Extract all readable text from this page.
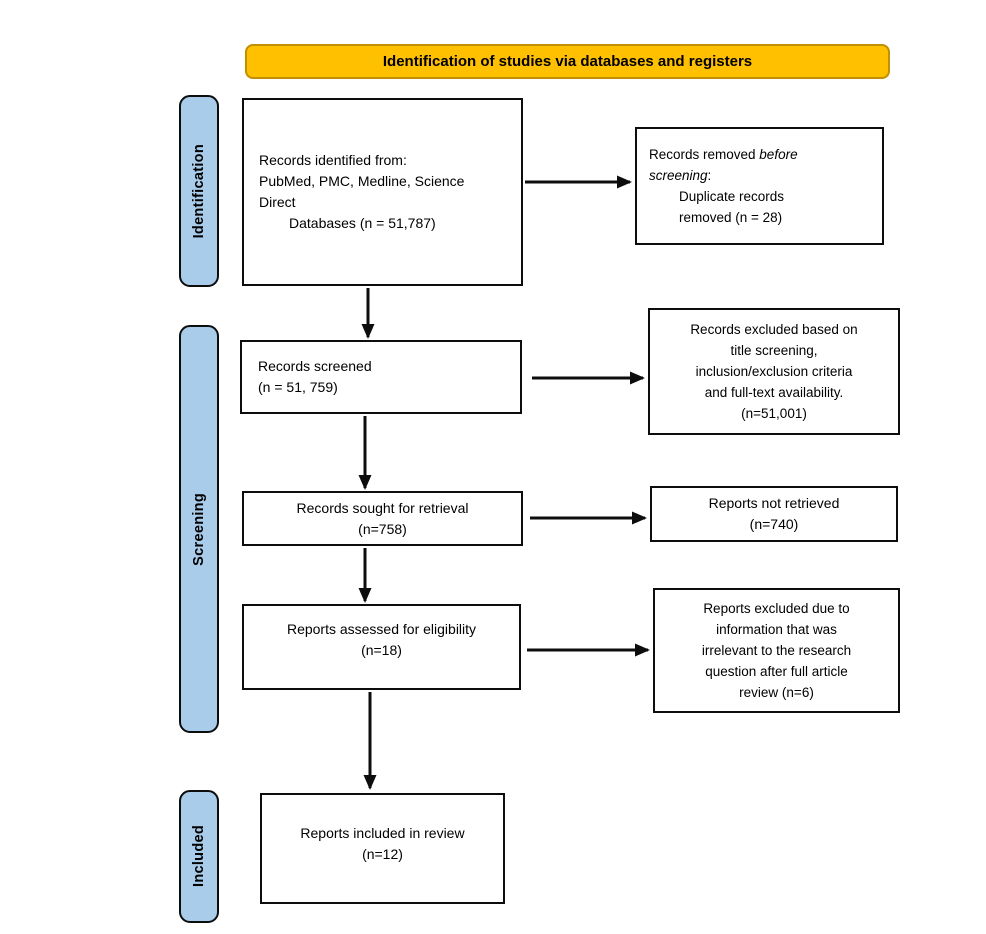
Identification of studies via databases and registers
Identification
Screening
Included
Records identified from:
PubMed, PMC, Medline, Science
Direct
Databases (n = 51,787)
Records screened
(n = 51, 759)
Records sought for retrieval
(n=758)
Reports assessed for eligibility
(n=18)
Reports included in review
(n=12)
Records removed before
screening:
Duplicate records
removed (n = 28)
Records excluded based on
title screening,
inclusion/exclusion criteria
and full-text availability.
(n=51,001)
Reports not retrieved
(n=740)
Reports excluded due to
information that was
irrelevant to the research
question after full article
review (n=6)
